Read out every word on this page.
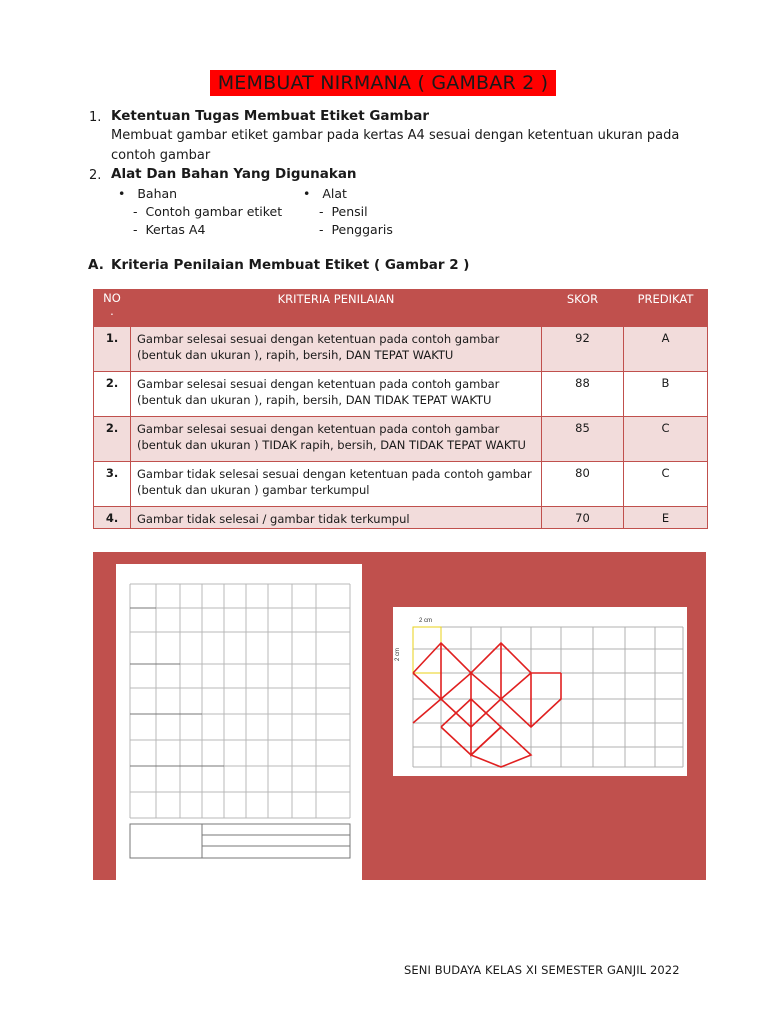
MEMBUAT NIRMANA ( GAMBAR 2 )
1. Ketentuan Tugas Membuat Etiket Gambar
Membuat gambar etiket gambar pada kertas A4 sesuai dengan ketentuan ukuran pada
contoh gambar
2. Alat Dan Bahan Yang Digunakan
• Bahan
-  Contoh gambar etiket
-  Kertas A4
• Alat
-  Pensil
-  Penggaris
A. Kriteria Penilaian Membuat Etiket ( Gambar 2 )
NO
.	KRITERIA PENILAIAN	SKOR	PREDIKAT
1.	Gambar selesai sesuai dengan ketentuan pada contoh gambar
(bentuk dan ukuran ), rapih, bersih, DAN TEPAT WAKTU	92	A
2.	Gambar selesai sesuai dengan ketentuan pada contoh gambar
(bentuk dan ukuran ), rapih, bersih, DAN TIDAK TEPAT WAKTU	88	B
2.	Gambar selesai sesuai dengan ketentuan pada contoh gambar
(bentuk dan ukuran ) TIDAK rapih, bersih, DAN TIDAK TEPAT WAKTU	85	C
3.	Gambar tidak selesai sesuai dengan ketentuan pada contoh gambar
(bentuk dan ukuran ) gambar terkumpul	80	C
4.	Gambar tidak selesai / gambar tidak terkumpul	70	E
2 cm
2 cm
SENI BUDAYA KELAS XI SEMESTER GANJIL 2022
